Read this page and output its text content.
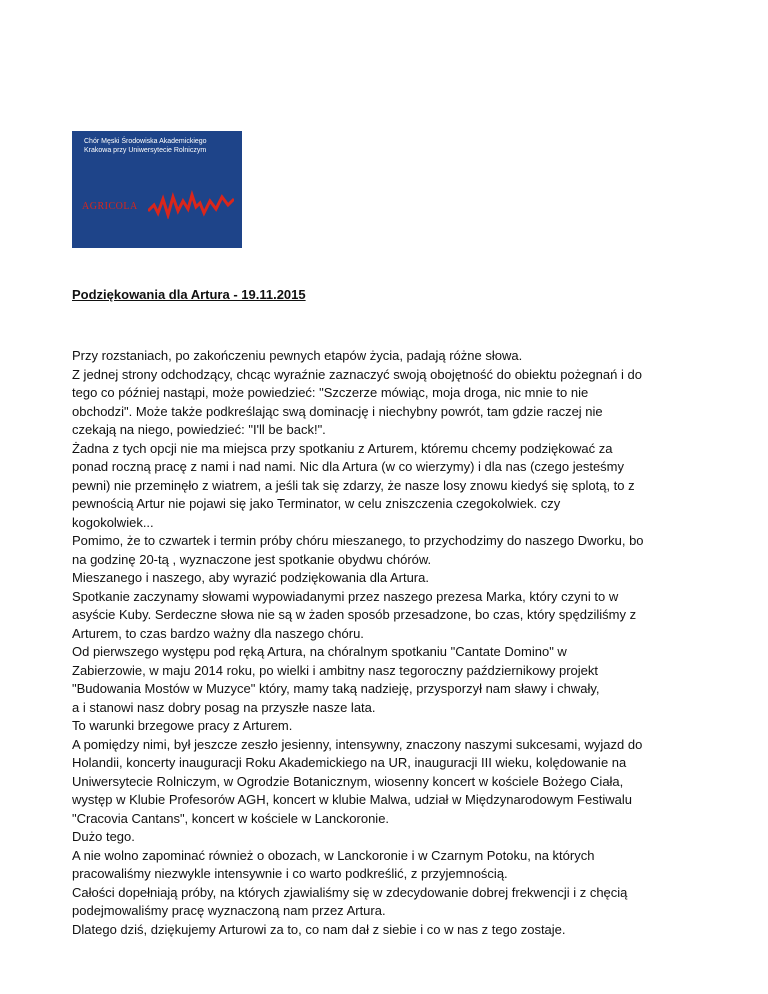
Chór Męski Środowiska Akademickiego
Krakowa przy Uniwersytecie Rolniczym
AGRICOLA
Podziękowania dla Artura - 19.11.2015

Przy rozstaniach, po zakończeniu pewnych etapów życia, padają różne słowa.

Z jednej strony odchodzący, chcąc wyraźnie zaznaczyć swoją obojętność do obiektu pożegnań i do

tego co później nastąpi, może powiedzieć: "Szczerze mówiąc, moja droga, nic mnie to nie

obchodzi". Może także podkreślając swą dominację i niechybny powrót, tam gdzie raczej nie

czekają na niego, powiedzieć: "I'll be back!".

Żadna z tych opcji nie ma miejsca przy spotkaniu z Arturem, któremu chcemy podziękować za

ponad roczną pracę z nami i nad nami. Nic dla Artura (w co wierzymy) i dla nas (czego jesteśmy

pewni) nie przeminęło z wiatrem, a jeśli tak się zdarzy, że nasze losy znowu kiedyś się splotą, to z

pewnością Artur nie pojawi się jako Terminator, w celu zniszczenia czegokolwiek. czy

kogokolwiek...

Pomimo, że to czwartek i termin próby chóru mieszanego, to przychodzimy do naszego Dworku, bo

na godzinę 20-tą , wyznaczone jest spotkanie obydwu chórów.

Mieszanego i naszego, aby wyrazić podziękowania dla Artura.

Spotkanie zaczynamy słowami wypowiadanymi przez naszego prezesa Marka, który czyni to w

asyście Kuby. Serdeczne słowa nie są w żaden sposób przesadzone, bo czas, który spędziliśmy z

Arturem, to czas bardzo ważny dla naszego chóru.

Od pierwszego występu pod ręką Artura, na chóralnym spotkaniu "Cantate Domino" w

Zabierzowie, w maju 2014 roku, po wielki i ambitny nasz tegoroczny październikowy projekt

"Budowania Mostów w Muzyce" który, mamy taką nadzieję, przysporzył nam sławy i chwały,

a i stanowi nasz dobry posag na przyszłe nasze lata.

To warunki brzegowe pracy z Arturem.

A pomiędzy nimi, był jeszcze zeszło jesienny, intensywny, znaczony naszymi sukcesami, wyjazd do

Holandii, koncerty inauguracji Roku Akademickiego na UR, inauguracji III wieku, kolędowanie na

Uniwersytecie Rolniczym, w Ogrodzie Botanicznym, wiosenny koncert w kościele Bożego Ciała,

występ w Klubie Profesorów AGH, koncert w klubie Malwa, udział w Międzynarodowym Festiwalu

"Cracovia Cantans", koncert w kościele w Lanckoronie.

Dużo tego.

A nie wolno zapominać również o obozach, w Lanckoronie i w Czarnym Potoku, na których

pracowaliśmy niezwykle intensywnie i co warto podkreślić, z przyjemnością.

Całości dopełniają próby, na których zjawialiśmy się w zdecydowanie dobrej frekwencji i z chęcią

podejmowaliśmy pracę wyznaczoną nam przez Artura.

Dlatego dziś, dziękujemy Arturowi za to, co nam dał z siebie i co w nas z tego zostaje.
